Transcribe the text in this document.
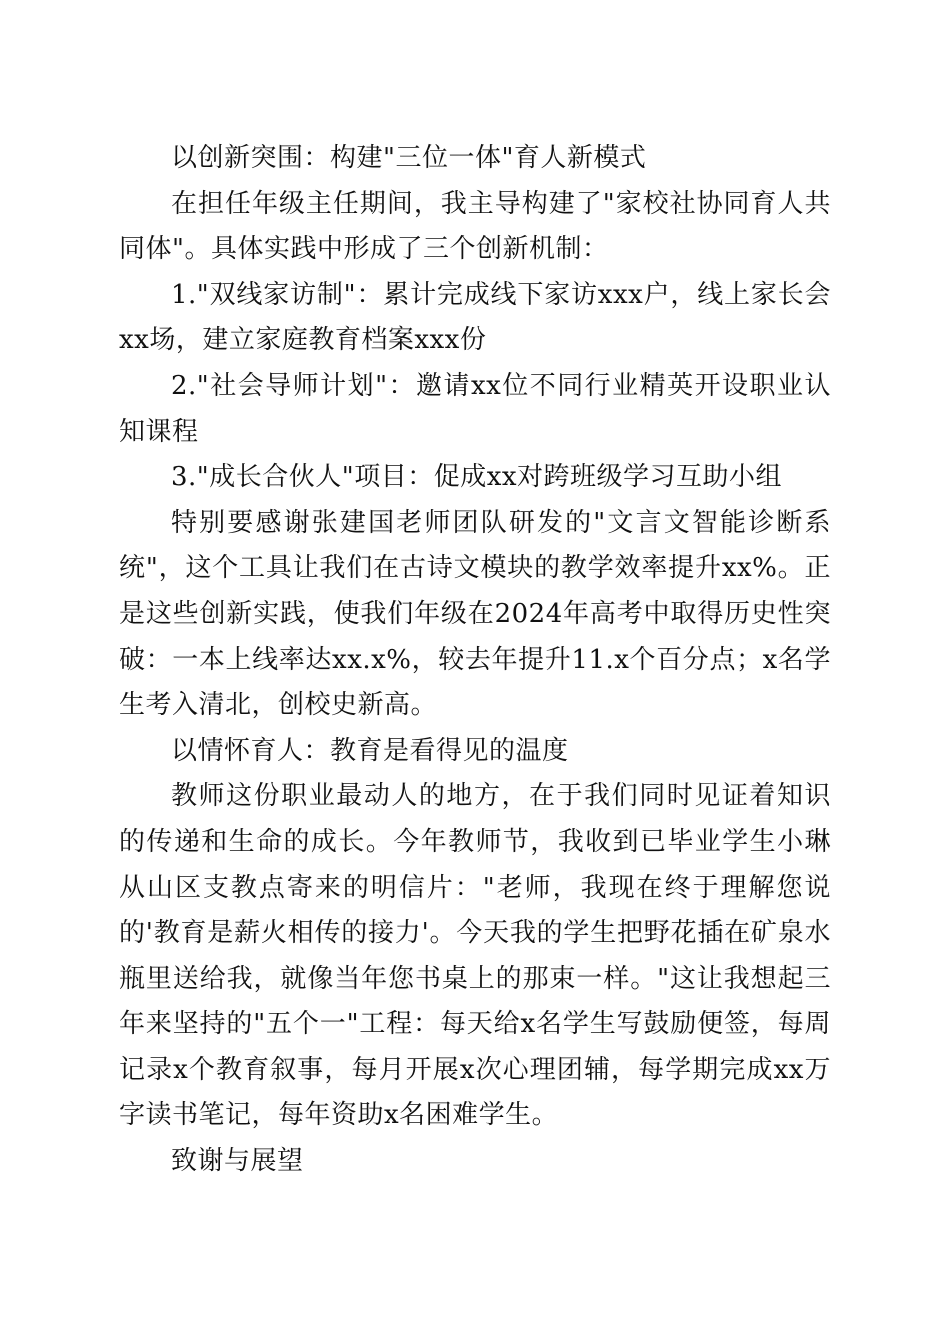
以创新突围：构建"三位一体"育人新模式

在担任年级主任期间，我主导构建了"家校社协同育人共同体"。具体实践中形成了三个创新机制：

1."双线家访制"：累计完成线下家访xxx户，线上家长会xx场，建立家庭教育档案xxx份

2."社会导师计划"：邀请xx位不同行业精英开设职业认知课程

3."成长合伙人"项目：促成xx对跨班级学习互助小组

特别要感谢张建国老师团队研发的"文言文智能诊断系统"，这个工具让我们在古诗文模块的教学效率提升xx%。正是这些创新实践，使我们年级在2024年高考中取得历史性突破：一本上线率达xx.x%，较去年提升11.x个百分点；x名学生考入清北，创校史新高。

以情怀育人：教育是看得见的温度

教师这份职业最动人的地方，在于我们同时见证着知识的传递和生命的成长。今年教师节，我收到已毕业学生小琳从山区支教点寄来的明信片："老师，我现在终于理解您说的'教育是薪火相传的接力'。今天我的学生把野花插在矿泉水瓶里送给我，就像当年您书桌上的那束一样。"这让我想起三年来坚持的"五个一"工程：每天给x名学生写鼓励便签，每周记录x个教育叙事，每月开展x次心理团辅，每学期完成xx万字读书笔记，每年资助x名困难学生。

致谢与展望
